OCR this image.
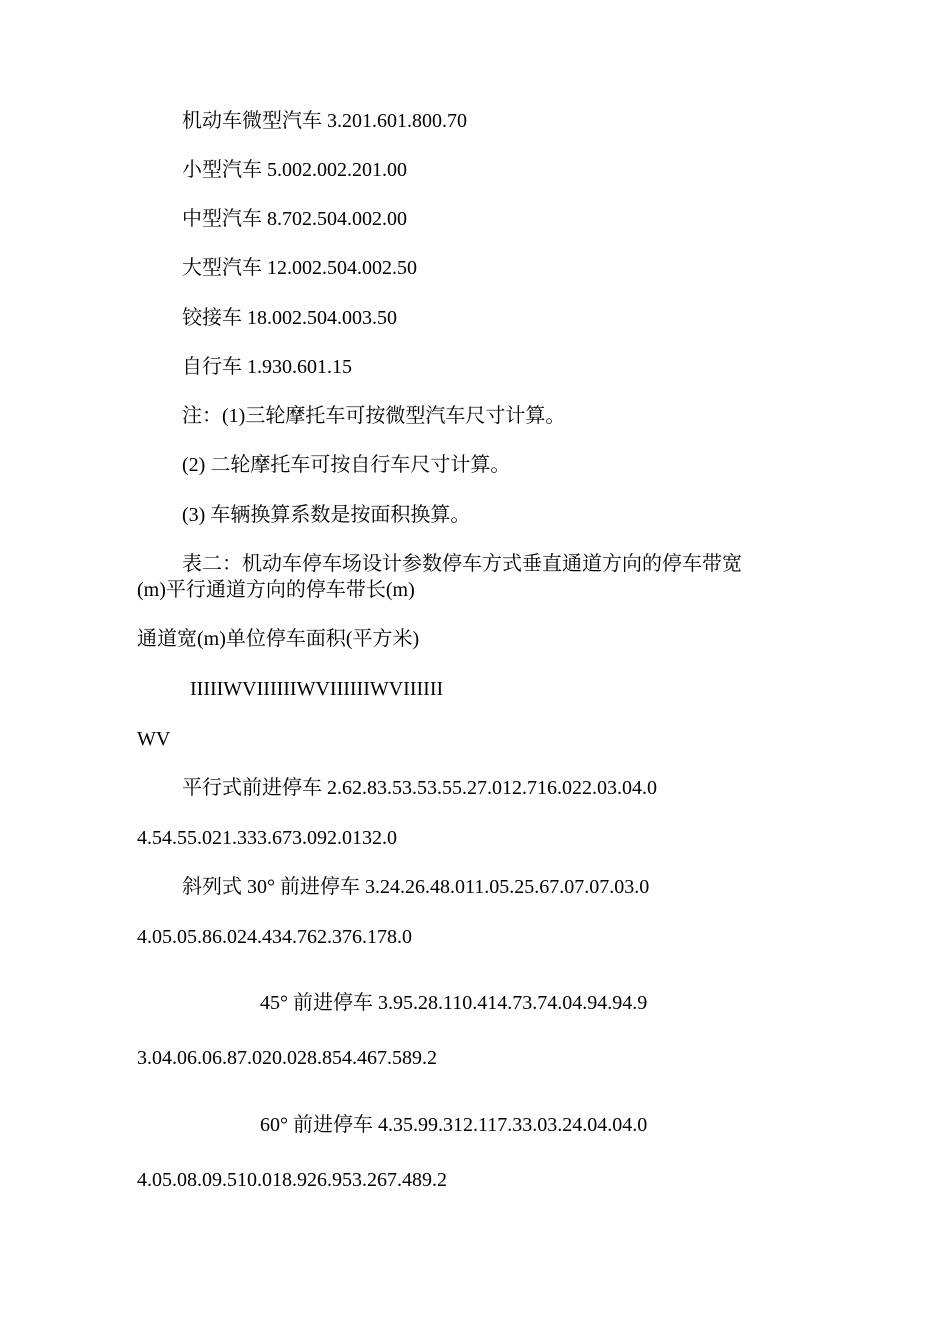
机动车微型汽车 3.201.601.800.70

小型汽车 5.002.002.201.00

中型汽车 8.702.504.002.00

大型汽车 12.002.504.002.50

铰接车 18.002.504.003.50

自行车 1.930.601.15

注：(1)三轮摩托车可按微型汽车尺寸计算。

(2) 二轮摩托车可按自行车尺寸计算。

(3) 车辆换算系数是按面积换算。

表二：机动车停车场设计参数停车方式垂直通道方向的停车带宽

(m)平行通道方向的停车带长(m)

通道宽(m)单位停车面积(平方米)

IIIIIWVIIIIIIWVIIIIIIWVIIIIII

WV

平行式前进停车 2.62.83.53.53.55.27.012.716.022.03.04.0

4.54.55.021.333.673.092.0132.0

斜列式 30° 前进停车 3.24.26.48.011.05.25.67.07.07.03.0

4.05.05.86.024.434.762.376.178.0

45° 前进停车 3.95.28.110.414.73.74.04.94.94.9

3.04.06.06.87.020.028.854.467.589.2

60° 前进停车 4.35.99.312.117.33.03.24.04.04.0

4.05.08.09.510.018.926.953.267.489.2
